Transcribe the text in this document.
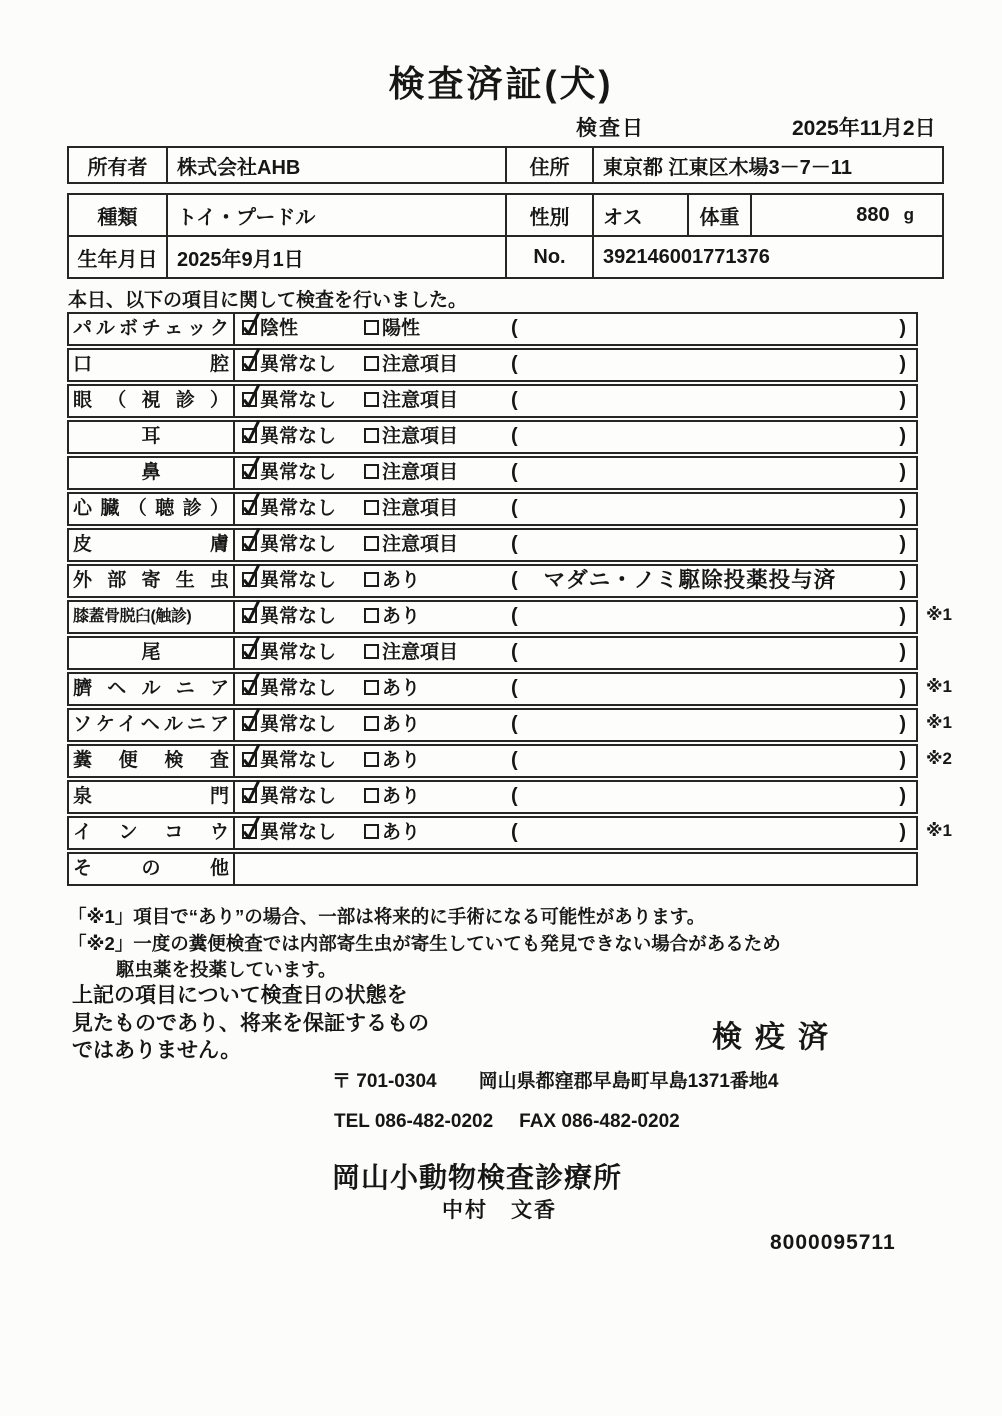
検査済証(犬)
検査日	2025年11月2日
所有者	株式会社AHB	住所	東京都 江東区木場3－7－11
種類	トイ・プードル	性別	オス	体重	880 g
生年月日 2025年9月1日	No.	392146001771376
本日、以下の項目に関して検査を行いました。
パルボチェック	陰性	陽性	(	)
口腔	異常なし	注意項目	(	)
眼（視診）	異常なし	注意項目	(	)
耳	異常なし	注意項目	(	)
鼻	異常なし	注意項目	(	)
心臓（聴診）	異常なし	注意項目	(	)
皮膚	異常なし	注意項目	(	)
外部寄生虫	異常なし	あり	(	マダニ・ノミ駆除投薬投与済	)
膝蓋骨脱臼(触診)	異常なし	あり	(	) ※1
尾	異常なし	注意項目	(	)
臍ヘルニア	異常なし	あり	(	) ※1
ソケイヘルニア	異常なし	あり	(	) ※1
糞便検査	異常なし	あり	(	) ※2
泉門	異常なし	あり	(	)
インコウ	異常なし	あり	(	) ※1
その他
「※1」項目で“あり”の場合、一部は将来的に手術になる可能性があります。
「※2」一度の糞便検査では内部寄生虫が寄生していても発見できない場合があるため
駆虫薬を投薬しています。
上記の項目について検査日の状態を
見たものであり、将来を保証するもの
ではありません。	検疫済
〒 701-0304 岡山県都窪郡早島町早島1371番地4
TEL 086-482-0202 FAX 086-482-0202
岡山小動物検査診療所
中村　文香
8000095711
